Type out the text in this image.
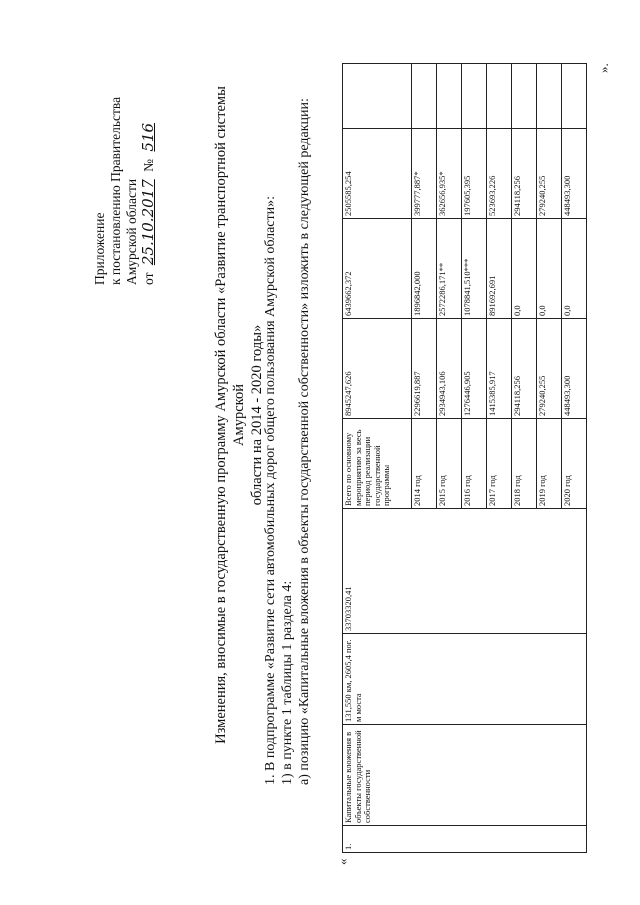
Приложение к постановлению Правительства Амурской области от 25.10.2017 № 516	Изменения, вносимые в государственную программу Амурской области «Развитие транспортной системы Амурской области на 2014 - 2020 годы»
1. В подпрограмме «Развитие сети автомобильных дорог общего пользования Амурской области»: 1) в пункте 1 таблицы 1 раздела 4: а) позицию «Капитальные вложения в объекты государственной собственности» изложить в следующей редакции:
«
1.	Капитальные вложения в объекты государственной собственности	131,550 км, 2605,4 пог. м моста	33703320,41	Всего по основному мероприятию за весь период реализации государственной программы	8945247,626	6439662,372	2505585,254	
				2014 год	2296619,887	1896842,000	399777,887*	
				2015 год	2934943,106	2572286,171**	362656,935*	
				2016 год	1276446,905	1078841,510***	197605,395	
				2017 год	1415385,917	891692,691	523693,226	
				2018 год	294118,256	0,0	294118,256	
				2019 год	279240,255	0,0	279240,255	
				2020 год	448493,300	0,0	448493,300	
».
